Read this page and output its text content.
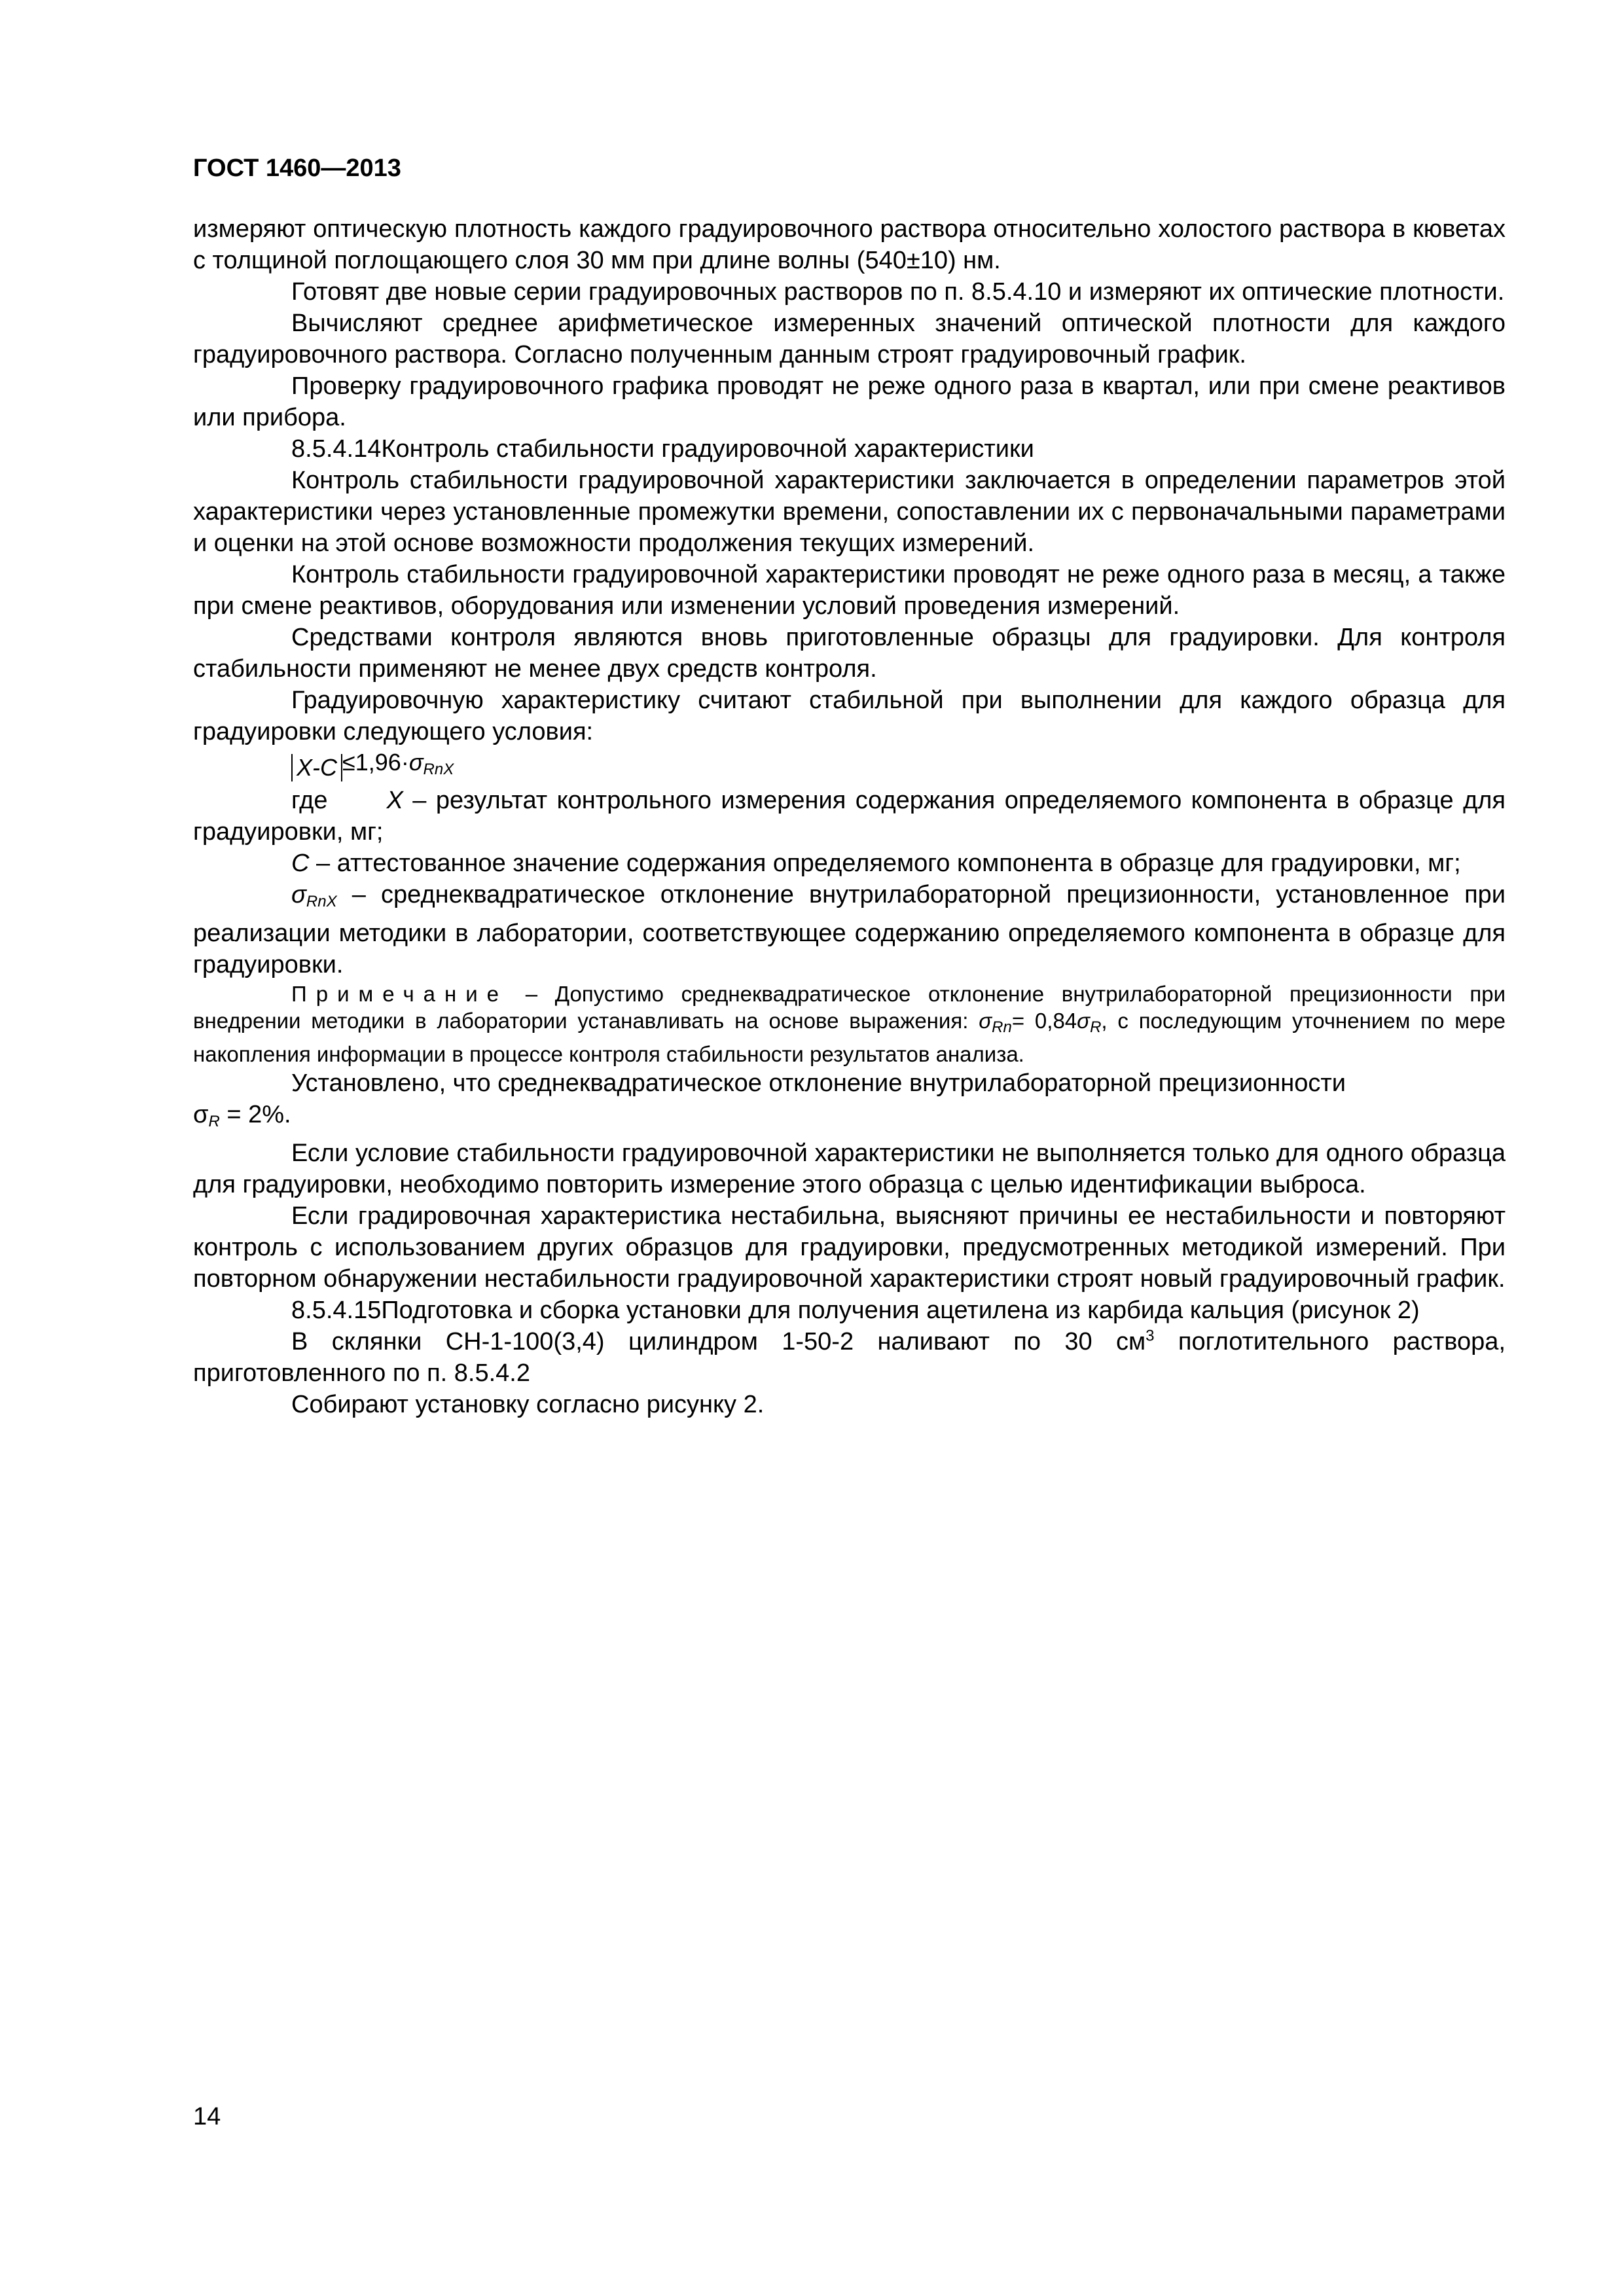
ГОСТ 1460—2013

измеряют оптическую плотность каждого градуировочного раствора относительно холостого раствора в кюветах с толщиной поглощающего слоя 30 мм при длине волны (540±10) нм.

Готовят две новые серии градуировочных растворов по п. 8.5.4.10 и измеряют их оптические плотности.

Вычисляют среднее арифметическое измеренных значений оптической плотности для каждого градуировочного раствора. Согласно полученным данным строят градуировочный график.

Проверку градуировочного графика проводят не реже одного раза в квартал, или при смене реактивов или прибора.

8.5.4.14Контроль стабильности градуировочной характеристики

Контроль стабильности градуировочной характеристики заключается в определении параметров этой характеристики через установленные промежутки времени, сопоставлении их с первоначальными параметрами и оценки на этой основе возможности продолжения текущих измерений.

Контроль стабильности градуировочной характеристики проводят не реже одного раза в месяц, а также при смене реактивов, оборудования или изменении условий проведения измерений.

Средствами контроля являются вновь приготовленные образцы для градуировки. Для контроля стабильности применяют не менее двух средств контроля.

Градуировочную характеристику считают стабильной при выполнении для каждого образца для градуировки следующего условия:

$X-C \le 1,96\cdot\sigma_{RnX}$

где X – результат контрольного измерения содержания определяемого компонента в образце для градуировки, мг;

C – аттестованное значение содержания определяемого компонента в образце для градуировки, мг;

$\sigma_{RnX}$ – среднеквадратическое отклонение внутрилабораторной прецизионности, установленное при реализации методики в лаборатории, соответствующее содержанию определяемого компонента в образце для градуировки.

Примечание – Допустимо среднеквадратическое отклонение внутрилабораторной прецизионности при внедрении методики в лаборатории устанавливать на основе выражения: $\sigma_{Rn}= 0,84\sigma_R$, с последующим уточнением по мере накопления информации в процессе контроля стабильности результатов анализа.

Установлено, что среднеквадратическое отклонение внутрилабораторной прецизионности

$\sigma_R = 2\%$.

Если условие стабильности градуировочной характеристики не выполняется только для одного образца для градуировки, необходимо повторить измерение этого образца с целью идентификации выброса.

Если градировочная характеристика нестабильна, выясняют причины ее нестабильности и повторяют контроль с использованием других образцов для градуировки, предусмотренных методикой измерений. При повторном обнаружении нестабильности градуировочной характеристики строят новый градуировочный график.

8.5.4.15Подготовка и сборка установки для получения ацетилена из карбида кальция (рисунок 2)

В склянки СН-1-100(3,4) цилиндром 1-50-2 наливают по 30 $см^3$ поглотительного раствора, приготовленного по п. 8.5.4.2

Собирают установку согласно рисунку 2.

14
